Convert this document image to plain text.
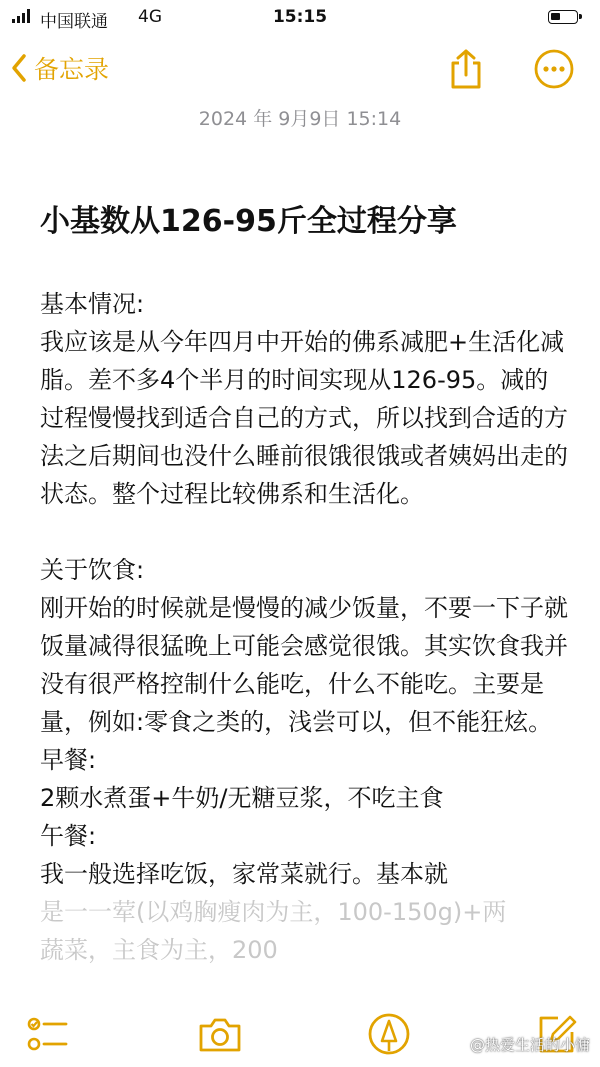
中国联通 4G	15:15
备忘录
2024 年 9月9日 15:14
小基数从126-95斤全过程分享

基本情况:

我应该是从今年四月中开始的佛系减肥+生活化减脂。差不多4个半月的时间实现从126-95。减的过程慢慢找到适合自己的方式，所以找到合适的方法之后期间也没什么睡前很饿很饿或者姨妈出走的状态。整个过程比较佛系和生活化。

关于饮食:

刚开始的时候就是慢慢的减少饭量，不要一下子就饭量减得很猛晚上可能会感觉很饿。其实饮食我并没有很严格控制什么能吃，什么不能吃。主要是量，例如:零食之类的，浅尝可以，但不能狂炫。

早餐:

2颗水煮蛋+牛奶/无糖豆浆，不吃主食

午餐:

我一般选择吃饭，家常菜就行。基本就

是一一荤(以鸡胸瘦肉为主，100-150g)+两

蔬菜，主食为主，200

@热爱生活的小慵
